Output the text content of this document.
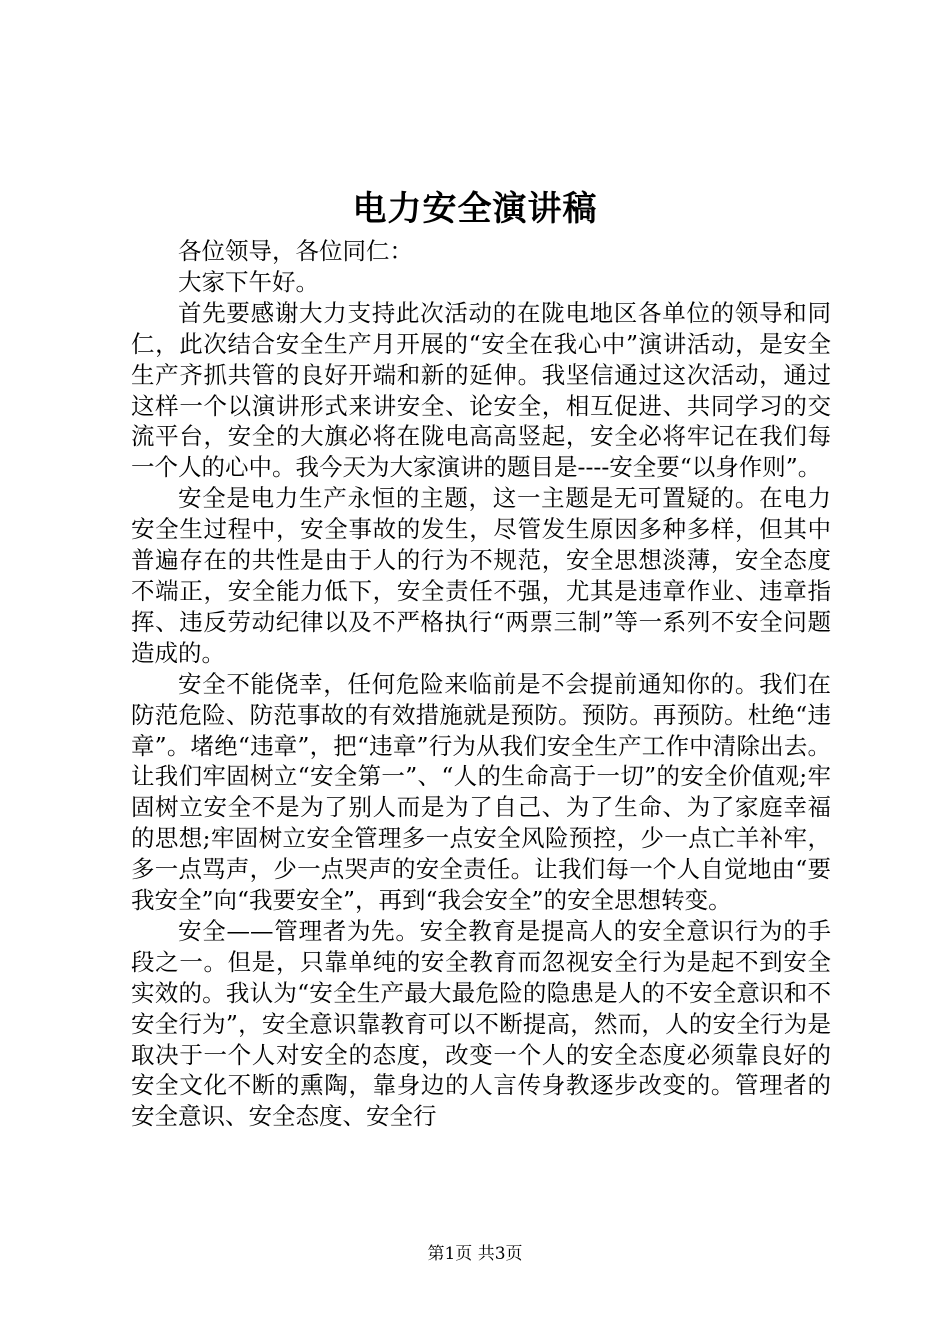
电力安全演讲稿

各位领导，各位同仁：

大家下午好。

首先要感谢大力支持此次活动的在陇电地区各单位的领导和同仁，此次结合安全生产月开展的“安全在我心中”演讲活动，是安全生产齐抓共管的良好开端和新的延伸。我坚信通过这次活动，通过这样一个以演讲形式来讲安全、论安全，相互促进、共同学习的交流平台，安全的大旗必将在陇电高高竖起，安全必将牢记在我们每一个人的心中。我今天为大家演讲的题目是----安全要“以身作则”。

安全是电力生产永恒的主题，这一主题是无可置疑的。在电力安全生过程中，安全事故的发生，尽管发生原因多种多样，但其中普遍存在的共性是由于人的行为不规范，安全思想淡薄，安全态度不端正，安全能力低下，安全责任不强，尤其是违章作业、违章指挥、违反劳动纪律以及不严格执行“两票三制”等一系列不安全问题造成的。

安全不能侥幸，任何危险来临前是不会提前通知你的。我们在防范危险、防范事故的有效措施就是预防。预防。再预防。杜绝“违章”。堵绝“违章”，把“违章”行为从我们安全生产工作中清除出去。让我们牢固树立“安全第一”、“人的生命高于一切”的安全价值观;牢固树立安全不是为了别人而是为了自己、为了生命、为了家庭幸福的思想;牢固树立安全管理多一点安全风险预控，少一点亡羊补牢，多一点骂声，少一点哭声的安全责任。让我们每一个人自觉地由“要我安全”向“我要安全”，再到“我会安全”的安全思想转变。

安全——管理者为先。安全教育是提高人的安全意识行为的手段之一。但是，只靠单纯的安全教育而忽视安全行为是起不到安全实效的。我认为“安全生产最大最危险的隐患是人的不安全意识和不安全行为”，安全意识靠教育可以不断提高，然而，人的安全行为是取决于一个人对安全的态度，改变一个人的安全态度必须靠良好的安全文化不断的熏陶，靠身边的人言传身教逐步改变的。管理者的安全意识、安全态度、安全行

第1页 共3页
